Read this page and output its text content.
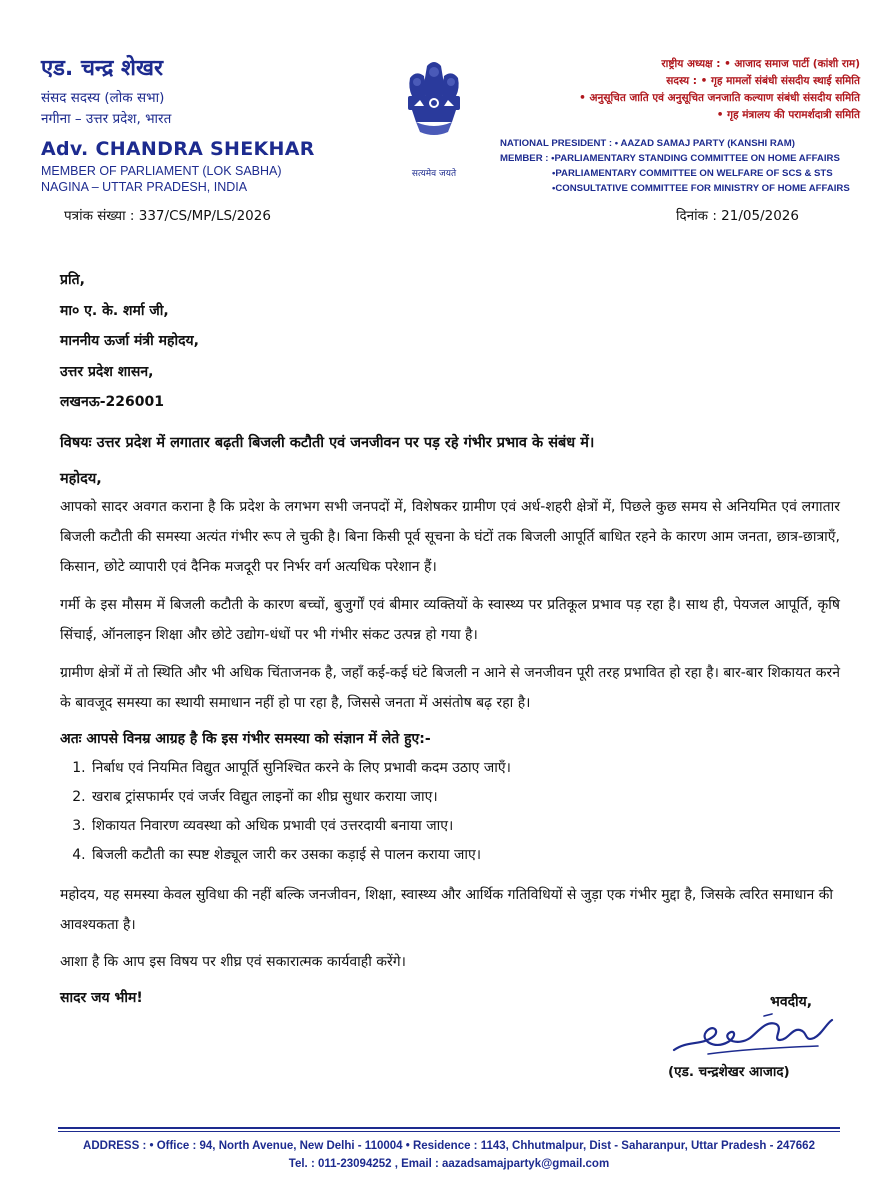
एड. चन्द्र शेखर

संसद सदस्य (लोक सभा)

नगीना – उत्तर प्रदेश, भारत

Adv. CHANDRA SHEKHAR

MEMBER OF PARLIAMENT (LOK SABHA)

NAGINA – UTTAR PRADESH, INDIA

सत्यमेव जयते
राष्ट्रीय अध्यक्ष : • आजाद समाज पार्टी (कांशी राम)
सदस्य : • गृह मामलों संबंधी संसदीय स्थाई समिति
• अनुसूचित जाति एवं अनुसूचित जनजाति कल्याण संबंधी संसदीय समिति
• गृह मंत्रालय की परामर्शदात्री समिति
NATIONAL PRESIDENT : • AAZAD SAMAJ PARTY (KANSHI RAM)
MEMBER : •PARLIAMENTARY STANDING COMMITTEE ON HOME AFFAIRS
•PARLIAMENTARY COMMITTEE ON WELFARE OF SCS & STS
•CONSULTATIVE COMMITTEE FOR MINISTRY OF HOME AFFAIRS
पत्रांक संख्या : 337/CS/MP/LS/2026	दिनांक : 21/05/2026

प्रति,

मा० ए. के. शर्मा जी,

माननीय ऊर्जा मंत्री महोदय,

उत्तर प्रदेश शासन,

लखनऊ-226001

विषयः उत्तर प्रदेश में लगातार बढ़ती बिजली कटौती एवं जनजीवन पर पड़ रहे गंभीर प्रभाव के संबंध में।

महोदय,

आपको सादर अवगत कराना है कि प्रदेश के लगभग सभी जनपदों में, विशेषकर ग्रामीण एवं अर्ध-शहरी क्षेत्रों में, पिछले कुछ समय से अनियमित एवं लगातार बिजली कटौती की समस्या अत्यंत गंभीर रूप ले चुकी है। बिना किसी पूर्व सूचना के घंटों तक बिजली आपूर्ति बाधित रहने के कारण आम जनता, छात्र-छात्राएँ, किसान, छोटे व्यापारी एवं दैनिक मजदूरी पर निर्भर वर्ग अत्यधिक परेशान हैं।

गर्मी के इस मौसम में बिजली कटौती के कारण बच्चों, बुजुर्गों एवं बीमार व्यक्तियों के स्वास्थ्य पर प्रतिकूल प्रभाव पड़ रहा है। साथ ही, पेयजल आपूर्ति, कृषि सिंचाई, ऑनलाइन शिक्षा और छोटे उद्योग-धंधों पर भी गंभीर संकट उत्पन्न हो गया है।

ग्रामीण क्षेत्रों में तो स्थिति और भी अधिक चिंताजनक है, जहाँ कई-कई घंटे बिजली न आने से जनजीवन पूरी तरह प्रभावित हो रहा है। बार-बार शिकायत करने के बावजूद समस्या का स्थायी समाधान नहीं हो पा रहा है, जिससे जनता में असंतोष बढ़ रहा है।

अतः आपसे विनम्र आग्रह है कि इस गंभीर समस्या को संज्ञान में लेते हुए:-

1. निर्बाध एवं नियमित विद्युत आपूर्ति सुनिश्चित करने के लिए प्रभावी कदम उठाए जाएँ।
2. खराब ट्रांसफार्मर एवं जर्जर विद्युत लाइनों का शीघ्र सुधार कराया जाए।
3. शिकायत निवारण व्यवस्था को अधिक प्रभावी एवं उत्तरदायी बनाया जाए।
4. बिजली कटौती का स्पष्ट शेड्यूल जारी कर उसका कड़ाई से पालन कराया जाए।

महोदय, यह समस्या केवल सुविधा की नहीं बल्कि जनजीवन, शिक्षा, स्वास्थ्य और आर्थिक गतिविधियों से जुड़ा एक गंभीर मुद्दा है, जिसके त्वरित समाधान की आवश्यकता है।

आशा है कि आप इस विषय पर शीघ्र एवं सकारात्मक कार्यवाही करेंगे।

सादर जय भीम!	भवदीय,
(एड. चन्द्रशेखर आजाद)
ADDRESS : • Office : 94, North Avenue, New Delhi - 110004 • Residence : 1143, Chhutmalpur, Dist - Saharanpur, Uttar Pradesh - 247662
Tel. : 011-23094252 , Email : aazadsamajpartyk@gmail.com
